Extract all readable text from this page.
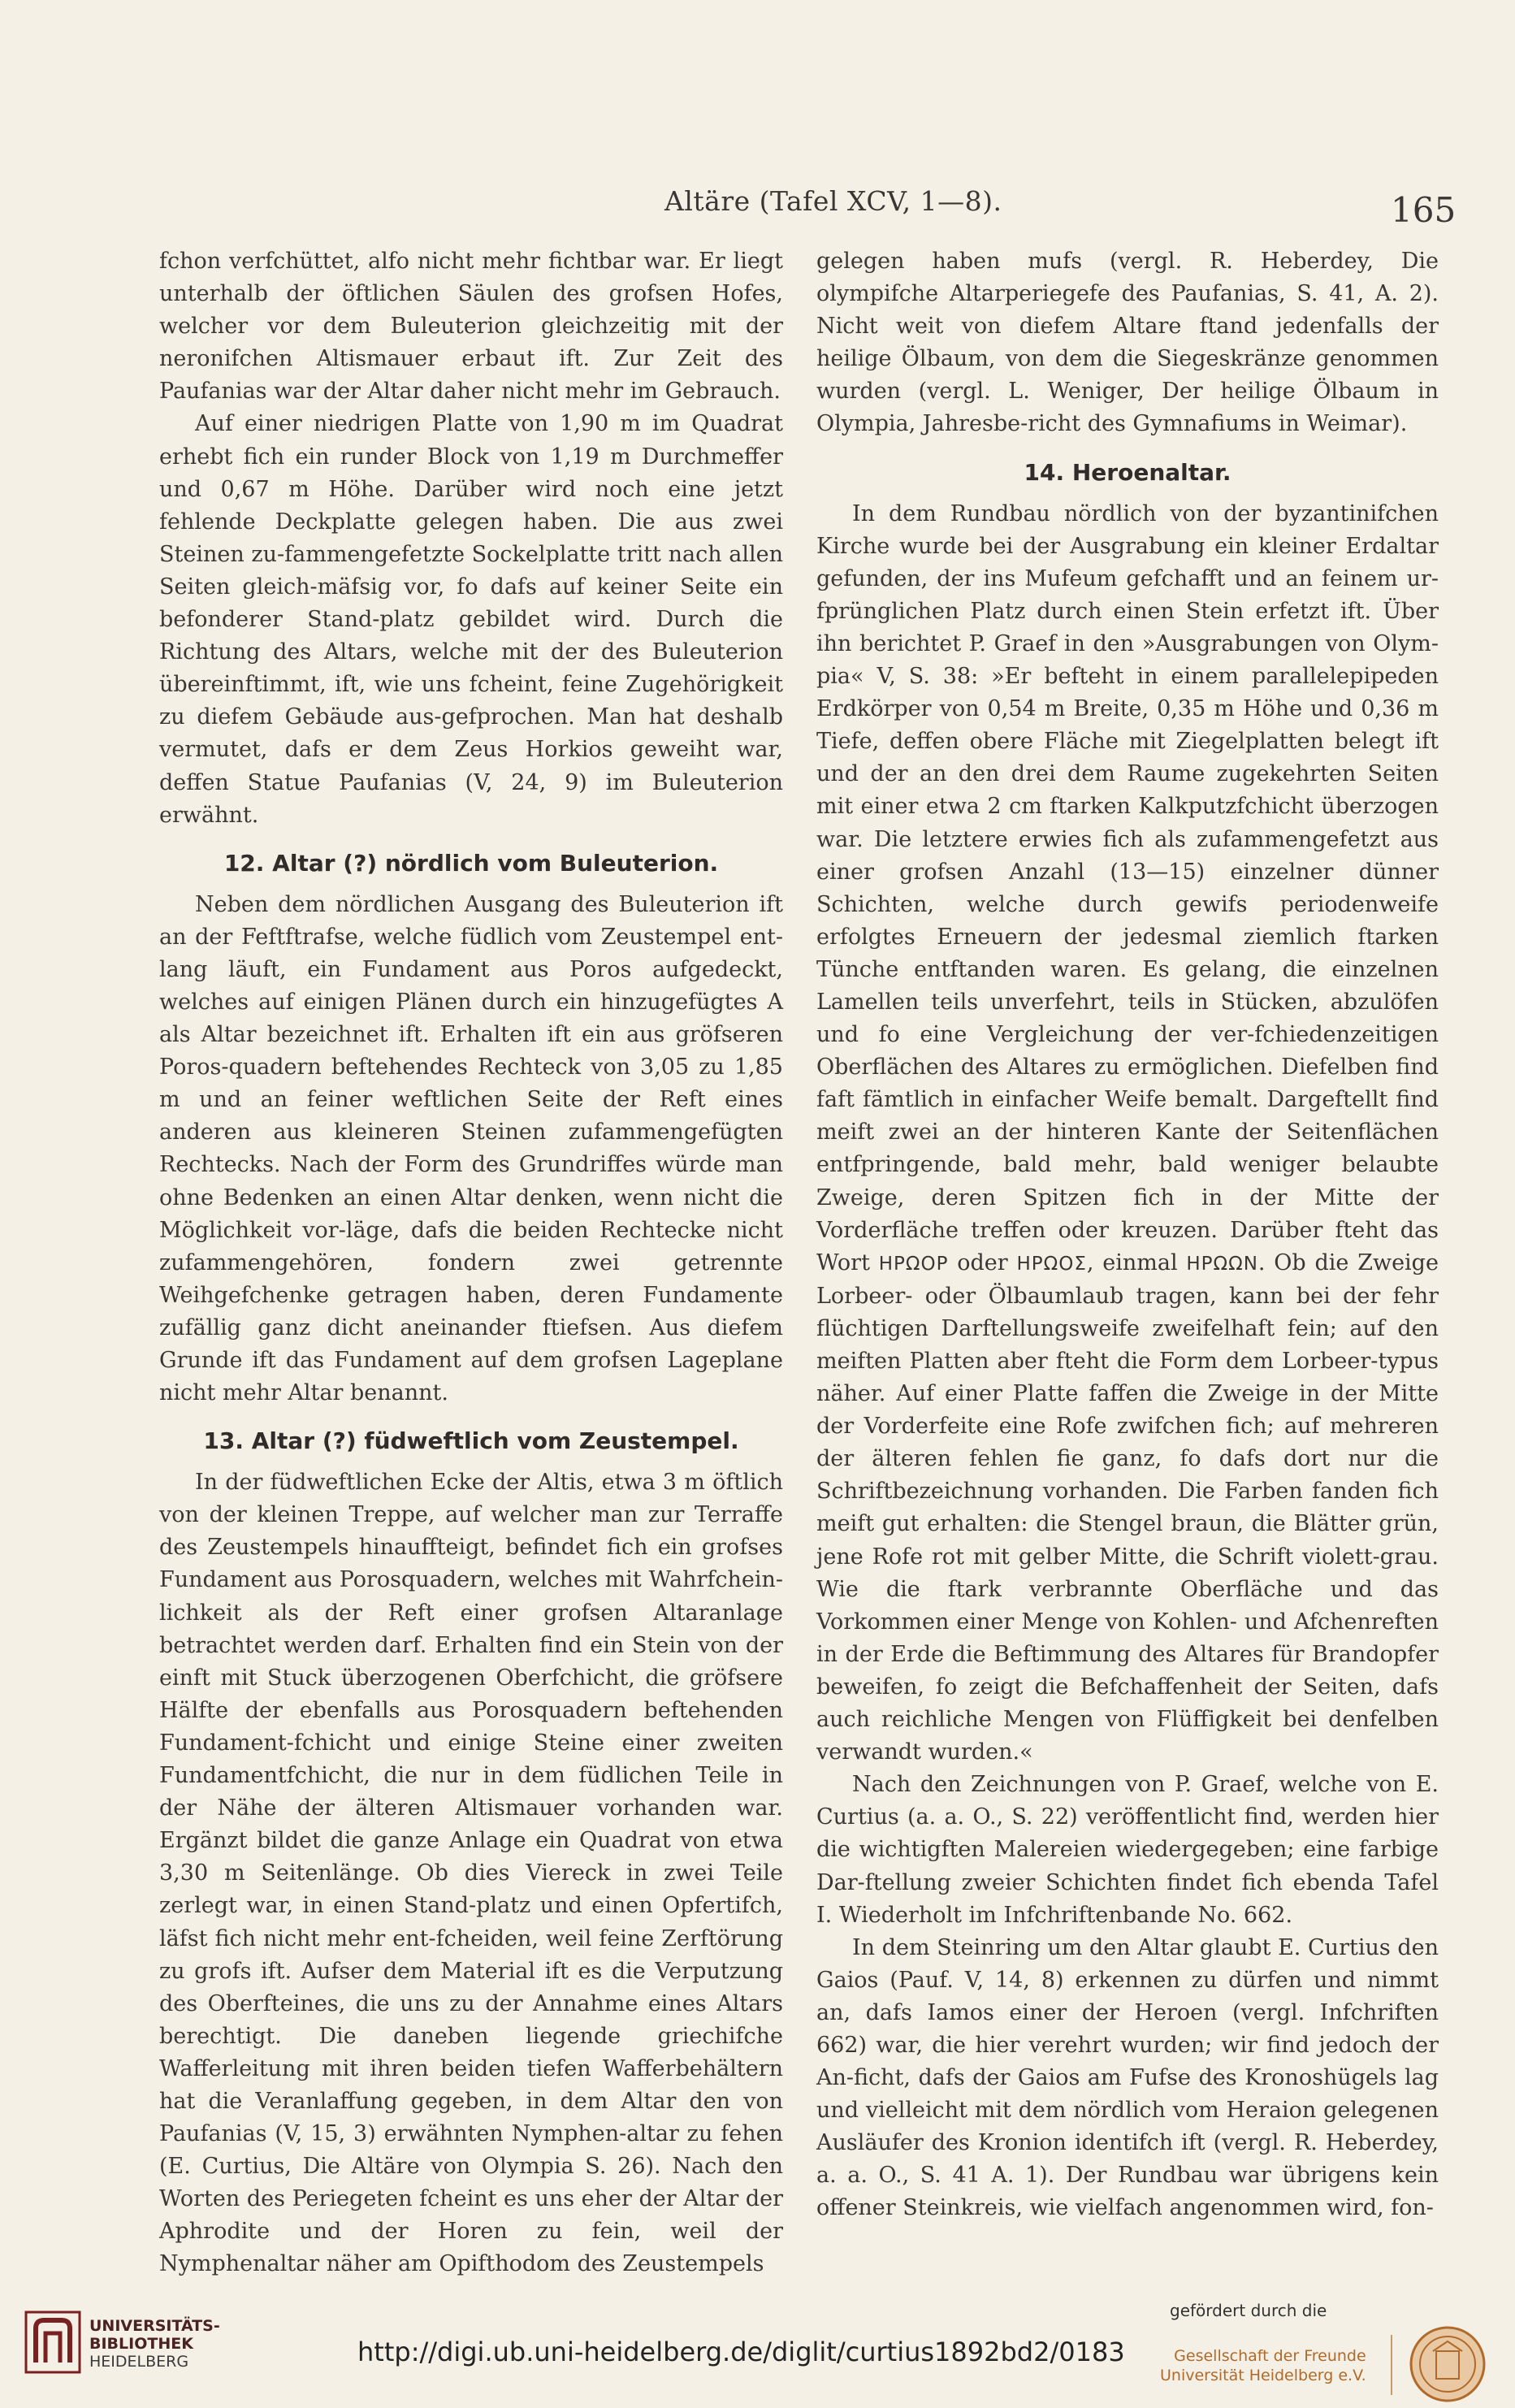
Altäre (Tafel XCV, 1—8).	165

fchon verfchüttet, alfo nicht mehr fichtbar war. Er liegt unterhalb der öftlichen Säulen des grofsen Hofes, welcher vor dem Buleuterion gleichzeitig mit der neronifchen Altismauer erbaut ift. Zur Zeit des Paufanias war der Altar daher nicht mehr im Gebrauch.

Auf einer niedrigen Platte von 1,90 m im Quadrat erhebt fich ein runder Block von 1,19 m Durchmeffer und 0,67 m Höhe. Darüber wird noch eine jetzt fehlende Deckplatte gelegen haben. Die aus zwei Steinen zu-fammengefetzte Sockelplatte tritt nach allen Seiten gleich-mäfsig vor, fo dafs auf keiner Seite ein befonderer Stand-platz gebildet wird. Durch die Richtung des Altars, welche mit der des Buleuterion übereinftimmt, ift, wie uns fcheint, feine Zugehörigkeit zu diefem Gebäude aus-gefprochen. Man hat deshalb vermutet, dafs er dem Zeus Horkios geweiht war, deffen Statue Paufanias (V, 24, 9) im Buleuterion erwähnt.

12. Altar (?) nördlich vom Buleuterion.

Neben dem nördlichen Ausgang des Buleuterion ift an der Feftftrafse, welche füdlich vom Zeustempel ent-lang läuft, ein Fundament aus Poros aufgedeckt, welches auf einigen Plänen durch ein hinzugefügtes A als Altar bezeichnet ift. Erhalten ift ein aus gröfseren Poros-quadern beftehendes Rechteck von 3,05 zu 1,85 m und an feiner weftlichen Seite der Reft eines anderen aus kleineren Steinen zufammengefügten Rechtecks. Nach der Form des Grundriffes würde man ohne Bedenken an einen Altar denken, wenn nicht die Möglichkeit vor-läge, dafs die beiden Rechtecke nicht zufammengehören, fondern zwei getrennte Weihgefchenke getragen haben, deren Fundamente zufällig ganz dicht aneinander ftiefsen. Aus diefem Grunde ift das Fundament auf dem grofsen Lageplane nicht mehr Altar benannt.

13. Altar (?) füdweftlich vom Zeustempel.

In der füdweftlichen Ecke der Altis, etwa 3 m öftlich von der kleinen Treppe, auf welcher man zur Terraffe des Zeustempels hinauffteigt, befindet fich ein grofses Fundament aus Porosquadern, welches mit Wahrfchein-lichkeit als der Reft einer grofsen Altaranlage betrachtet werden darf. Erhalten find ein Stein von der einft mit Stuck überzogenen Oberfchicht, die gröfsere Hälfte der ebenfalls aus Porosquadern beftehenden Fundament-fchicht und einige Steine einer zweiten Fundamentfchicht, die nur in dem füdlichen Teile in der Nähe der älteren Altismauer vorhanden war. Ergänzt bildet die ganze Anlage ein Quadrat von etwa 3,30 m Seitenlänge. Ob dies Viereck in zwei Teile zerlegt war, in einen Stand-platz und einen Opfertifch, läfst fich nicht mehr ent-fcheiden, weil feine Zerftörung zu grofs ift. Aufser dem Material ift es die Verputzung des Oberfteines, die uns zu der Annahme eines Altars berechtigt. Die daneben liegende griechifche Wafferleitung mit ihren beiden tiefen Wafferbehältern hat die Veranlaffung gegeben, in dem Altar den von Paufanias (V, 15, 3) erwähnten Nymphen-altar zu fehen (E. Curtius, Die Altäre von Olympia S. 26). Nach den Worten des Periegeten fcheint es uns eher der Altar der Aphrodite und der Horen zu fein, weil der Nymphenaltar näher am Opifthodom des Zeustempels

gelegen haben mufs (vergl. R. Heberdey, Die olympifche Altarperiegefe des Paufanias, S. 41, A. 2). Nicht weit von diefem Altare ftand jedenfalls der heilige Ölbaum, von dem die Siegeskränze genommen wurden (vergl. L. Weniger, Der heilige Ölbaum in Olympia, Jahresbe-richt des Gymnafiums in Weimar).

14. Heroenaltar.

In dem Rundbau nördlich von der byzantinifchen Kirche wurde bei der Ausgrabung ein kleiner Erdaltar gefunden, der ins Mufeum gefchafft und an feinem ur-fprünglichen Platz durch einen Stein erfetzt ift. Über ihn berichtet P. Graef in den »Ausgrabungen von Olym-pia« V, S. 38: »Er befteht in einem parallelepipeden Erdkörper von 0,54 m Breite, 0,35 m Höhe und 0,36 m Tiefe, deffen obere Fläche mit Ziegelplatten belegt ift und der an den drei dem Raume zugekehrten Seiten mit einer etwa 2 cm ftarken Kalkputzfchicht überzogen war. Die letztere erwies fich als zufammengefetzt aus einer grofsen Anzahl (13—15) einzelner dünner Schichten, welche durch gewifs periodenweife erfolgtes Erneuern der jedesmal ziemlich ftarken Tünche entftanden waren. Es gelang, die einzelnen Lamellen teils unverfehrt, teils in Stücken, abzulöfen und fo eine Vergleichung der ver-fchiedenzeitigen Oberflächen des Altares zu ermöglichen. Diefelben find faft fämtlich in einfacher Weife bemalt. Dargeftellt find meift zwei an der hinteren Kante der Seitenflächen entfpringende, bald mehr, bald weniger belaubte Zweige, deren Spitzen fich in der Mitte der Vorderfläche treffen oder kreuzen. Darüber fteht das Wort ΗΡΩΟΡ oder ΗΡΩΟΣ, einmal ΗΡΩΩΝ. Ob die Zweige Lorbeer- oder Ölbaumlaub tragen, kann bei der fehr flüchtigen Darftellungsweife zweifelhaft fein; auf den meiften Platten aber fteht die Form dem Lorbeer-typus näher. Auf einer Platte faffen die Zweige in der Mitte der Vorderfeite eine Rofe zwifchen fich; auf mehreren der älteren fehlen fie ganz, fo dafs dort nur die Schriftbezeichnung vorhanden. Die Farben fanden fich meift gut erhalten: die Stengel braun, die Blätter grün, jene Rofe rot mit gelber Mitte, die Schrift violett-grau. Wie die ftark verbrannte Oberfläche und das Vorkommen einer Menge von Kohlen- und Afchenreften in der Erde die Beftimmung des Altares für Brandopfer beweifen, fo zeigt die Befchaffenheit der Seiten, dafs auch reichliche Mengen von Flüffigkeit bei denfelben verwandt wurden.«

Nach den Zeichnungen von P. Graef, welche von E. Curtius (a. a. O., S. 22) veröffentlicht find, werden hier die wichtigften Malereien wiedergegeben; eine farbige Dar-ftellung zweier Schichten findet fich ebenda Tafel I. Wiederholt im Infchriftenbande No. 662.

In dem Steinring um den Altar glaubt E. Curtius den Gaios (Pauf. V, 14, 8) erkennen zu dürfen und nimmt an, dafs Iamos einer der Heroen (vergl. Infchriften 662) war, die hier verehrt wurden; wir find jedoch der An-ficht, dafs der Gaios am Fufse des Kronoshügels lag und vielleicht mit dem nördlich vom Heraion gelegenen Ausläufer des Kronion identifch ift (vergl. R. Heberdey, a. a. O., S. 41 A. 1). Der Rundbau war übrigens kein offener Steinkreis, wie vielfach angenommen wird, fon-

UNIVERSITÄTS-
BIBLIOTHEK
HEIDELBERG	http://digi.ub.uni-heidelberg.de/diglit/curtius1892bd2/0183
gefördert durch die
Gesellschaft der Freunde
Universität Heidelberg e.V.
